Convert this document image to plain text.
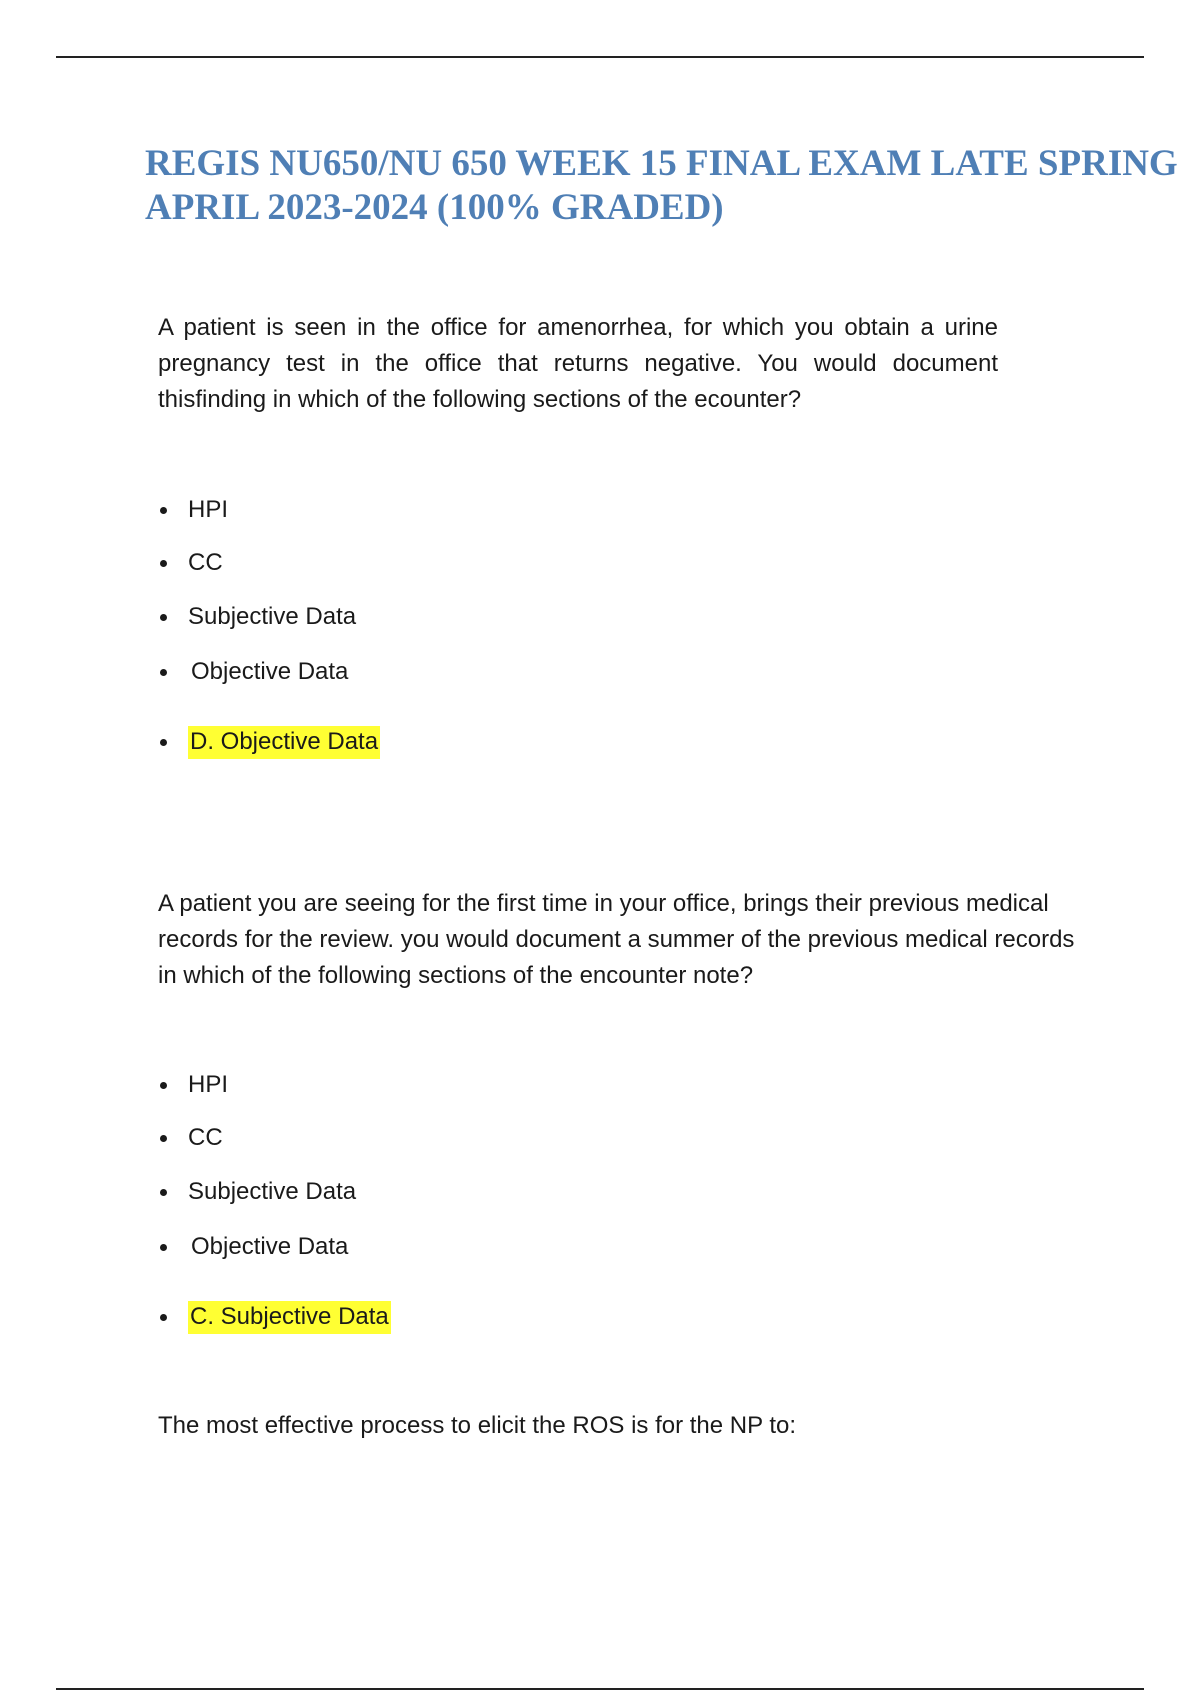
REGIS NU650/NU 650 WEEK 15 FINAL EXAM LATE SPRING APRIL 2023-2024 (100% GRADED)

A patient is seen in the office for amenorrhea, for which you obtain a urine pregnancy test in the office that returns negative. You would document thisfinding in which of the following sections of the ecounter?

HPI
CC
Subjective Data
Objective Data
D. Objective Data

A patient you are seeing for the first time in your office, brings their previous medical records for the review. you would document a summer of the previous medical records in which of the following sections of the encounter note?

HPI
CC
Subjective Data
Objective Data
C. Subjective Data

The most effective process to elicit the ROS is for the NP to:
